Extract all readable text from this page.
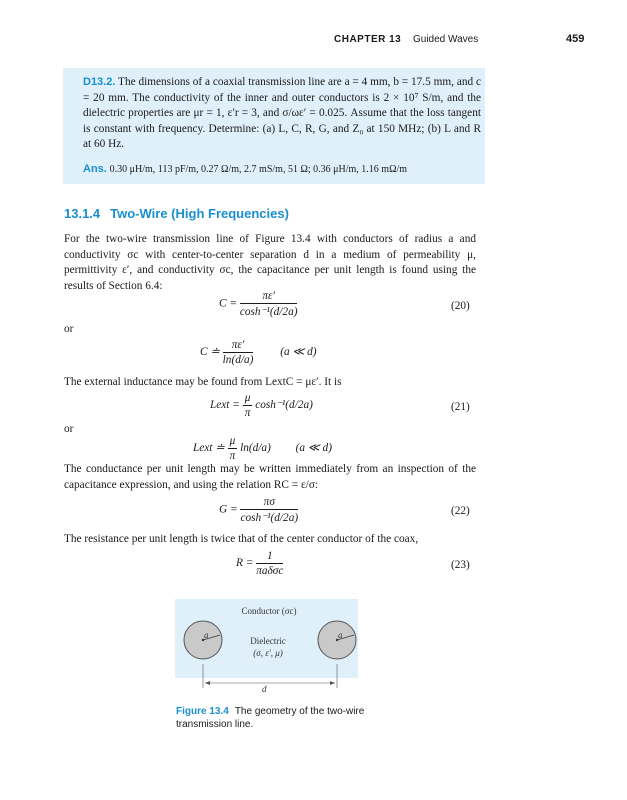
CHAPTER 13 Guided Waves	459

D13.2. The dimensions of a coaxial transmission line are a = 4 mm, b = 17.5 mm, and c = 20 mm. The conductivity of the inner and outer conductors is 2 × 10⁷ S/m, and the dielectric properties are μr = 1, ε′r = 3, and σ/ωε′ = 0.025. Assume that the loss tangent is constant with frequency. Determine: (a) L, C, R, G, and Z₀ at 150 MHz; (b) L and R at 60 Hz.

Ans. 0.30 μH/m, 113 pF/m, 0.27 Ω/m, 2.7 mS/m, 51 Ω; 0.36 μH/m, 1.16 mΩ/m

13.1.4 Two-Wire (High Frequencies)

For the two-wire transmission line of Figure 13.4 with conductors of radius a and conductivity σc with center-to-center separation d in a medium of permeability μ, permittivity ε′, and conductivity σc, the capacitance per unit length is found using the results of Section 6.4:

$C = \frac{\pi\varepsilon'}{\text{cosh⁻¹(d/2a)}}$	(20)
or
C ≐ $\frac{\pi\varepsilon'}{\ln(d/a)} (a$ ≪ d)

The external inductance may be found from LextC = με′. It is

Lext = $\frac{\mu}{\pi} \cosh^{-1}(d/2a)$	(21)
or
Lext ≐ $\frac{\mu}{\pi} \ln(d/a)$ (a ≪ d)

The conductance per unit length may be written immediately from an inspection of the capacitance expression, and using the relation RC = ε/σ:

$G = \frac{\pi\sigma}{\text{cosh⁻¹(d/2a)}}$	(22)

The resistance per unit length is twice that of the center conductor of the coax,

$R = \frac{1}{\text{πaδσc}}$	(23)
Conductor (σc)
Dielectric
(σ, ε′, μ)
a	a
d
Figure 13.4 The geometry of the two-wire transmission line.
